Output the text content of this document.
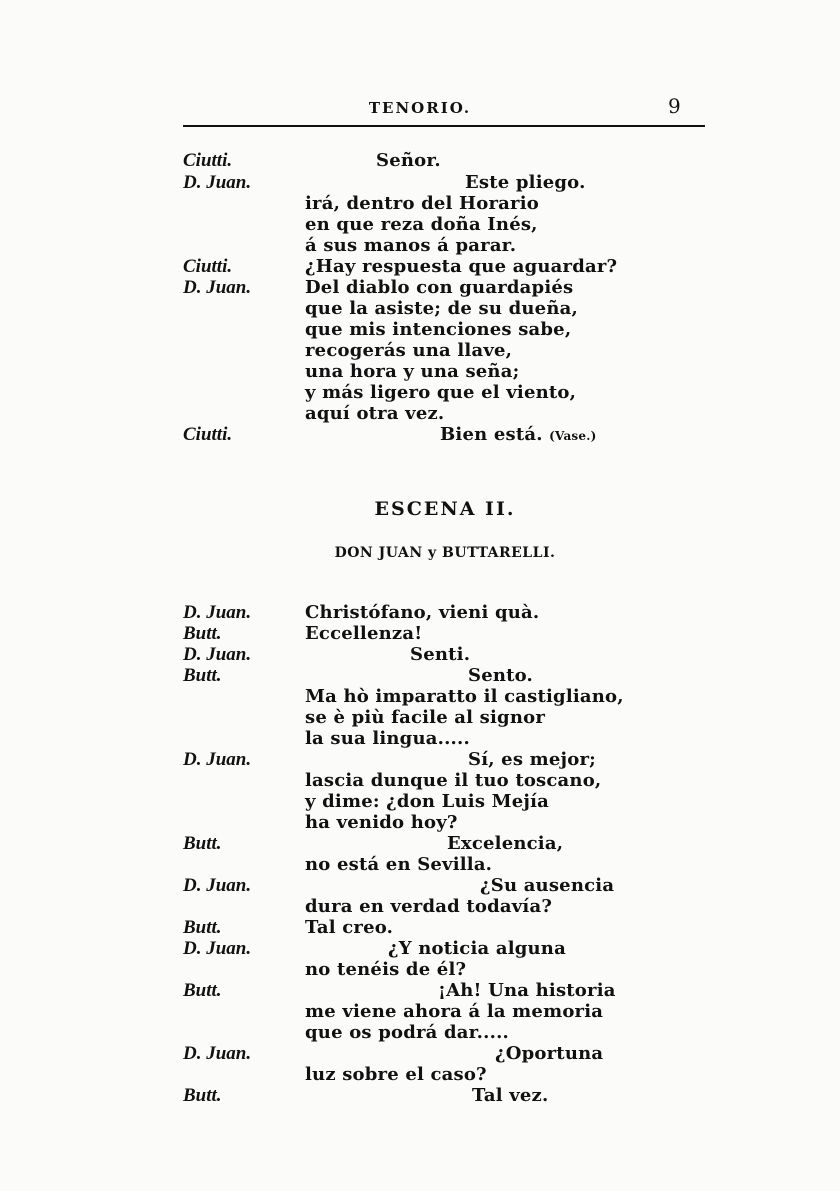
TENORIO.	9
Ciutti.	Señor.
D. Juan.	Este pliego.
irá, dentro del Horario
en que reza doña Inés,
á sus manos á parar.
Ciutti.	¿Hay respuesta que aguardar?
D. Juan.	Del diablo con guardapiés
que la asiste; de su dueña,
que mis intenciones sabe,
recogerás una llave,
una hora y una seña;
y más ligero que el viento,
aquí otra vez.
Ciutti.	Bien está. (Vase.)
ESCENA II.
DON JUAN y BUTTARELLI.
D. Juan.	Christófano, vieni quà.
Butt.	Eccellenza!
D. Juan.	Senti.
Butt.	Sento.
Ma hò imparatto il castigliano,
se è più facile al signor
la sua lingua.....
D. Juan.	Sí, es mejor;
lascia dunque il tuo toscano,
y dime: ¿don Luis Mejía
ha venido hoy?
Butt.	Excelencia,
no está en Sevilla.
D. Juan.	¿Su ausencia
dura en verdad todavía?
Butt.	Tal creo.
D. Juan.	¿Y noticia alguna
no tenéis de él?
Butt.	¡Ah! Una historia
me viene ahora á la memoria
que os podrá dar.....
D. Juan.	¿Oportuna
luz sobre el caso?
Butt.	Tal vez.
